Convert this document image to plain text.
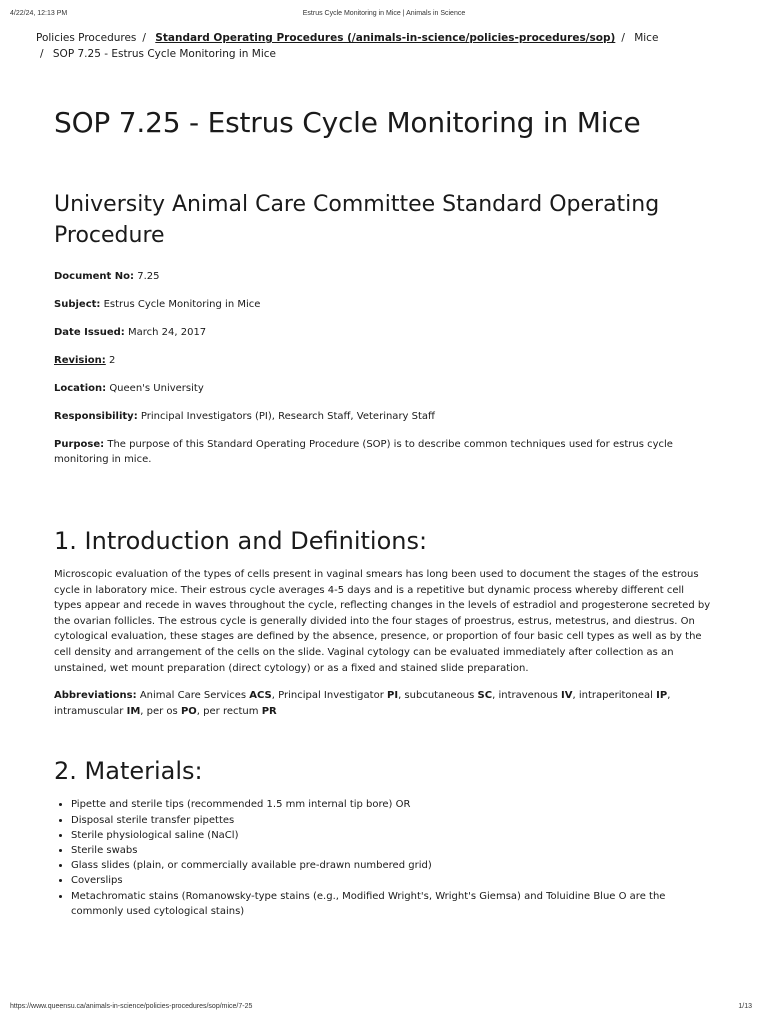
4/22/24, 12:13 PM	Estrus Cycle Monitoring in Mice | Animals in Science
Policies Procedures / Standard Operating Procedures (/animals-in-science/policies-procedures/sop) / Mice
/ SOP 7.25 - Estrus Cycle Monitoring in Mice
SOP 7.25 - Estrus Cycle Monitoring in Mice
University Animal Care Committee Standard Operating Procedure

Document No: 7.25

Subject: Estrus Cycle Monitoring in Mice

Date Issued: March 24, 2017

Revision: 2

Location: Queen's University

Responsibility: Principal Investigators (PI), Research Staff, Veterinary Staff

Purpose: The purpose of this Standard Operating Procedure (SOP) is to describe common techniques used for estrus cycle monitoring in mice.

1. Introduction and Definitions:

Microscopic evaluation of the types of cells present in vaginal smears has long been used to document the stages of the estrous cycle in laboratory mice. Their estrous cycle averages 4-5 days and is a repetitive but dynamic process whereby different cell types appear and recede in waves throughout the cycle, reflecting changes in the levels of estradiol and progesterone secreted by the ovarian follicles. The estrous cycle is generally divided into the four stages of proestrus, estrus, metestrus, and diestrus. On cytological evaluation, these stages are defined by the absence, presence, or proportion of four basic cell types as well as by the cell density and arrangement of the cells on the slide. Vaginal cytology can be evaluated immediately after collection as an unstained, wet mount preparation (direct cytology) or as a fixed and stained slide preparation.

Abbreviations: Animal Care Services ACS, Principal Investigator PI, subcutaneous SC, intravenous IV, intraperitoneal IP, intramuscular IM, per os PO, per rectum PR

2. Materials:
• Pipette and sterile tips (recommended 1.5 mm internal tip bore) OR
• Disposal sterile transfer pipettes
• Sterile physiological saline (NaCl)
• Sterile swabs
• Glass slides (plain, or commercially available pre-drawn numbered grid)
• Coverslips
• Metachromatic stains (Romanowsky-type stains (e.g., Modified Wright's, Wright's Giemsa) and Toluidine Blue O are the commonly used cytological stains)
https://www.queensu.ca/animals-in-science/policies-procedures/sop/mice/7-25	1/13
